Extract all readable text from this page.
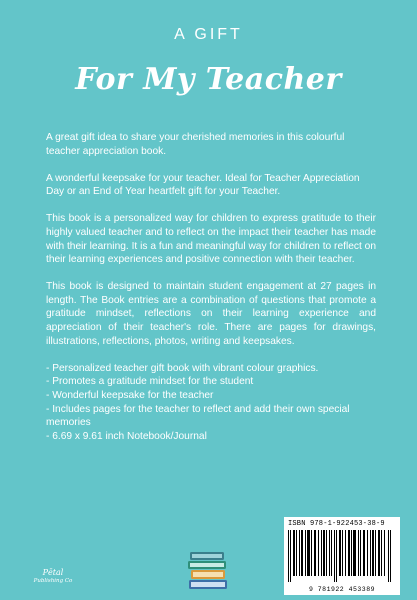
A GIFT
For My Teacher

A great gift idea to share your cherished memories in this colourful teacher appreciation book.

A wonderful keepsake for your teacher. Ideal for Teacher Appreciation Day or an End of Year heartfelt gift for your Teacher.

This book is a personalized way for children to express gratitude to their highly valued teacher and to reflect on the impact their teacher has made with their learning. It is a fun and meaningful way for children to reflect on their learning experiences and positive connection with their teacher.

This book is designed to maintain student engagement at 27 pages in length. The Book entries are a combination of questions that promote a gratitude mindset, reflections on their learning experience and appreciation of their teacher's role. There are pages for drawings, illustrations, reflections, photos, writing and keepsakes.

- Personalized teacher gift book with vibrant colour graphics.
- Promotes a gratitude mindset for the student
- Wonderful keepsake for the teacher
- Includes pages for the teacher to reflect and add their own special memories
- 6.69 x 9.61 inch Notebook/Journal
Pētal
Publishing Co
ISBN 978-1-922453-38-9
9 781922 453389
